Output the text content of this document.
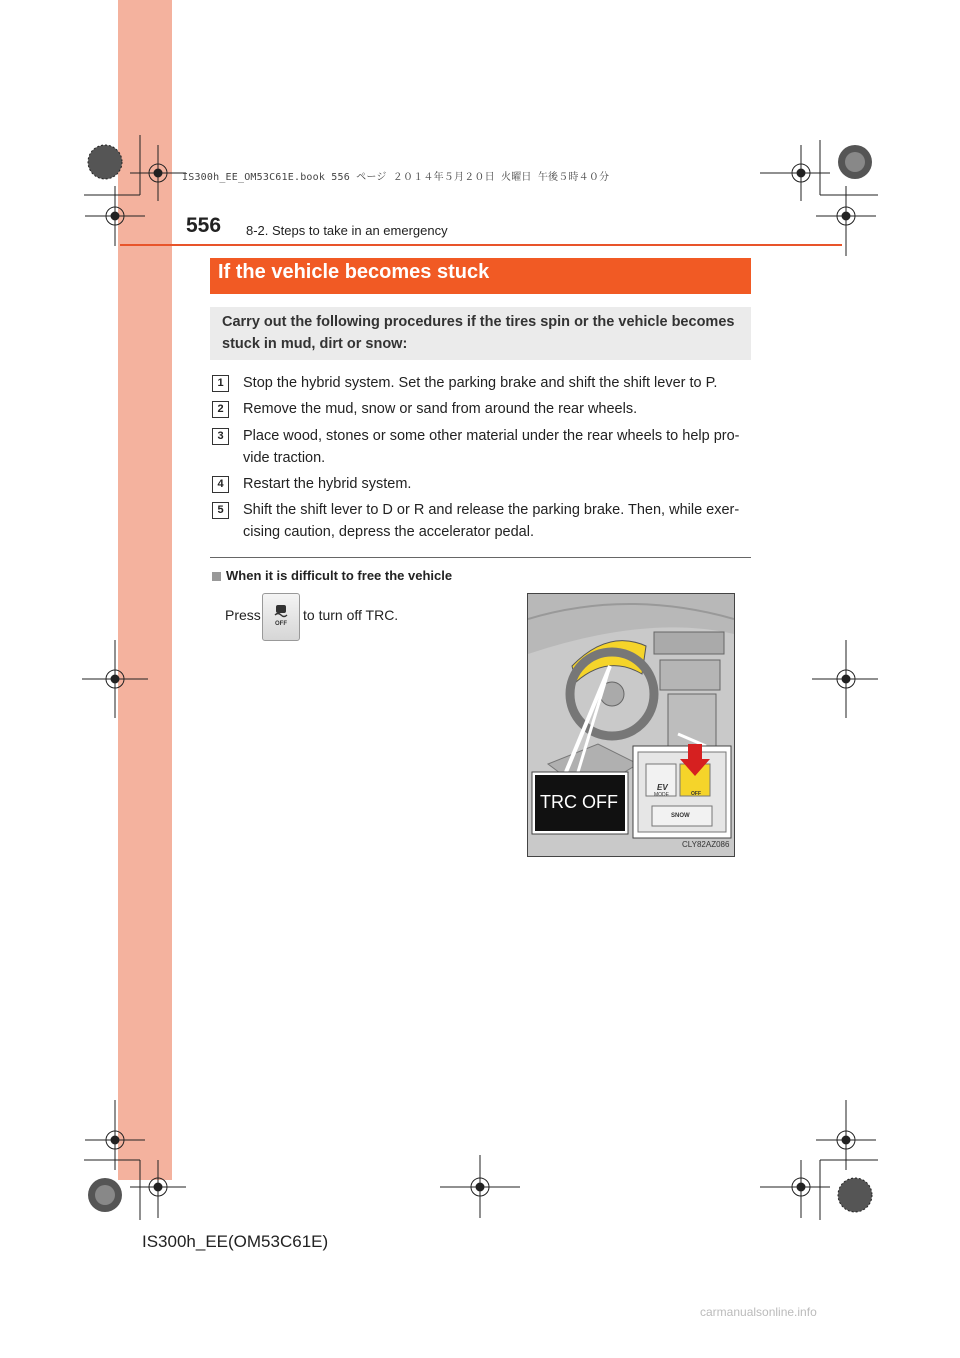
IS300h_EE_OM53C61E.book 556 ページ ２０１４年５月２０日 火曜日 午後５時４０分
556 8-2. Steps to take in an emergency
If the vehicle becomes stuck
Carry out the following procedures if the tires spin or the vehicle becomes stuck in mud, dirt or snow:
1	Stop the hybrid system. Set the parking brake and shift the shift lever to P.
2	Remove the mud, snow or sand from around the rear wheels.
3	Place wood, stones or some other material under the rear wheels to help pro-vide traction.
4	Restart the hybrid system.
5	Shift the shift lever to D or R and release the parking brake. Then, while exer-cising caution, depress the accelerator pedal.
When it is difficult to free the vehicle
Press
OFF
to turn off TRC.
EV
MODE	OFF
SNOW
TRC OFF
CLY82AZ086
IS300h_EE(OM53C61E)
carmanualsonline.info
